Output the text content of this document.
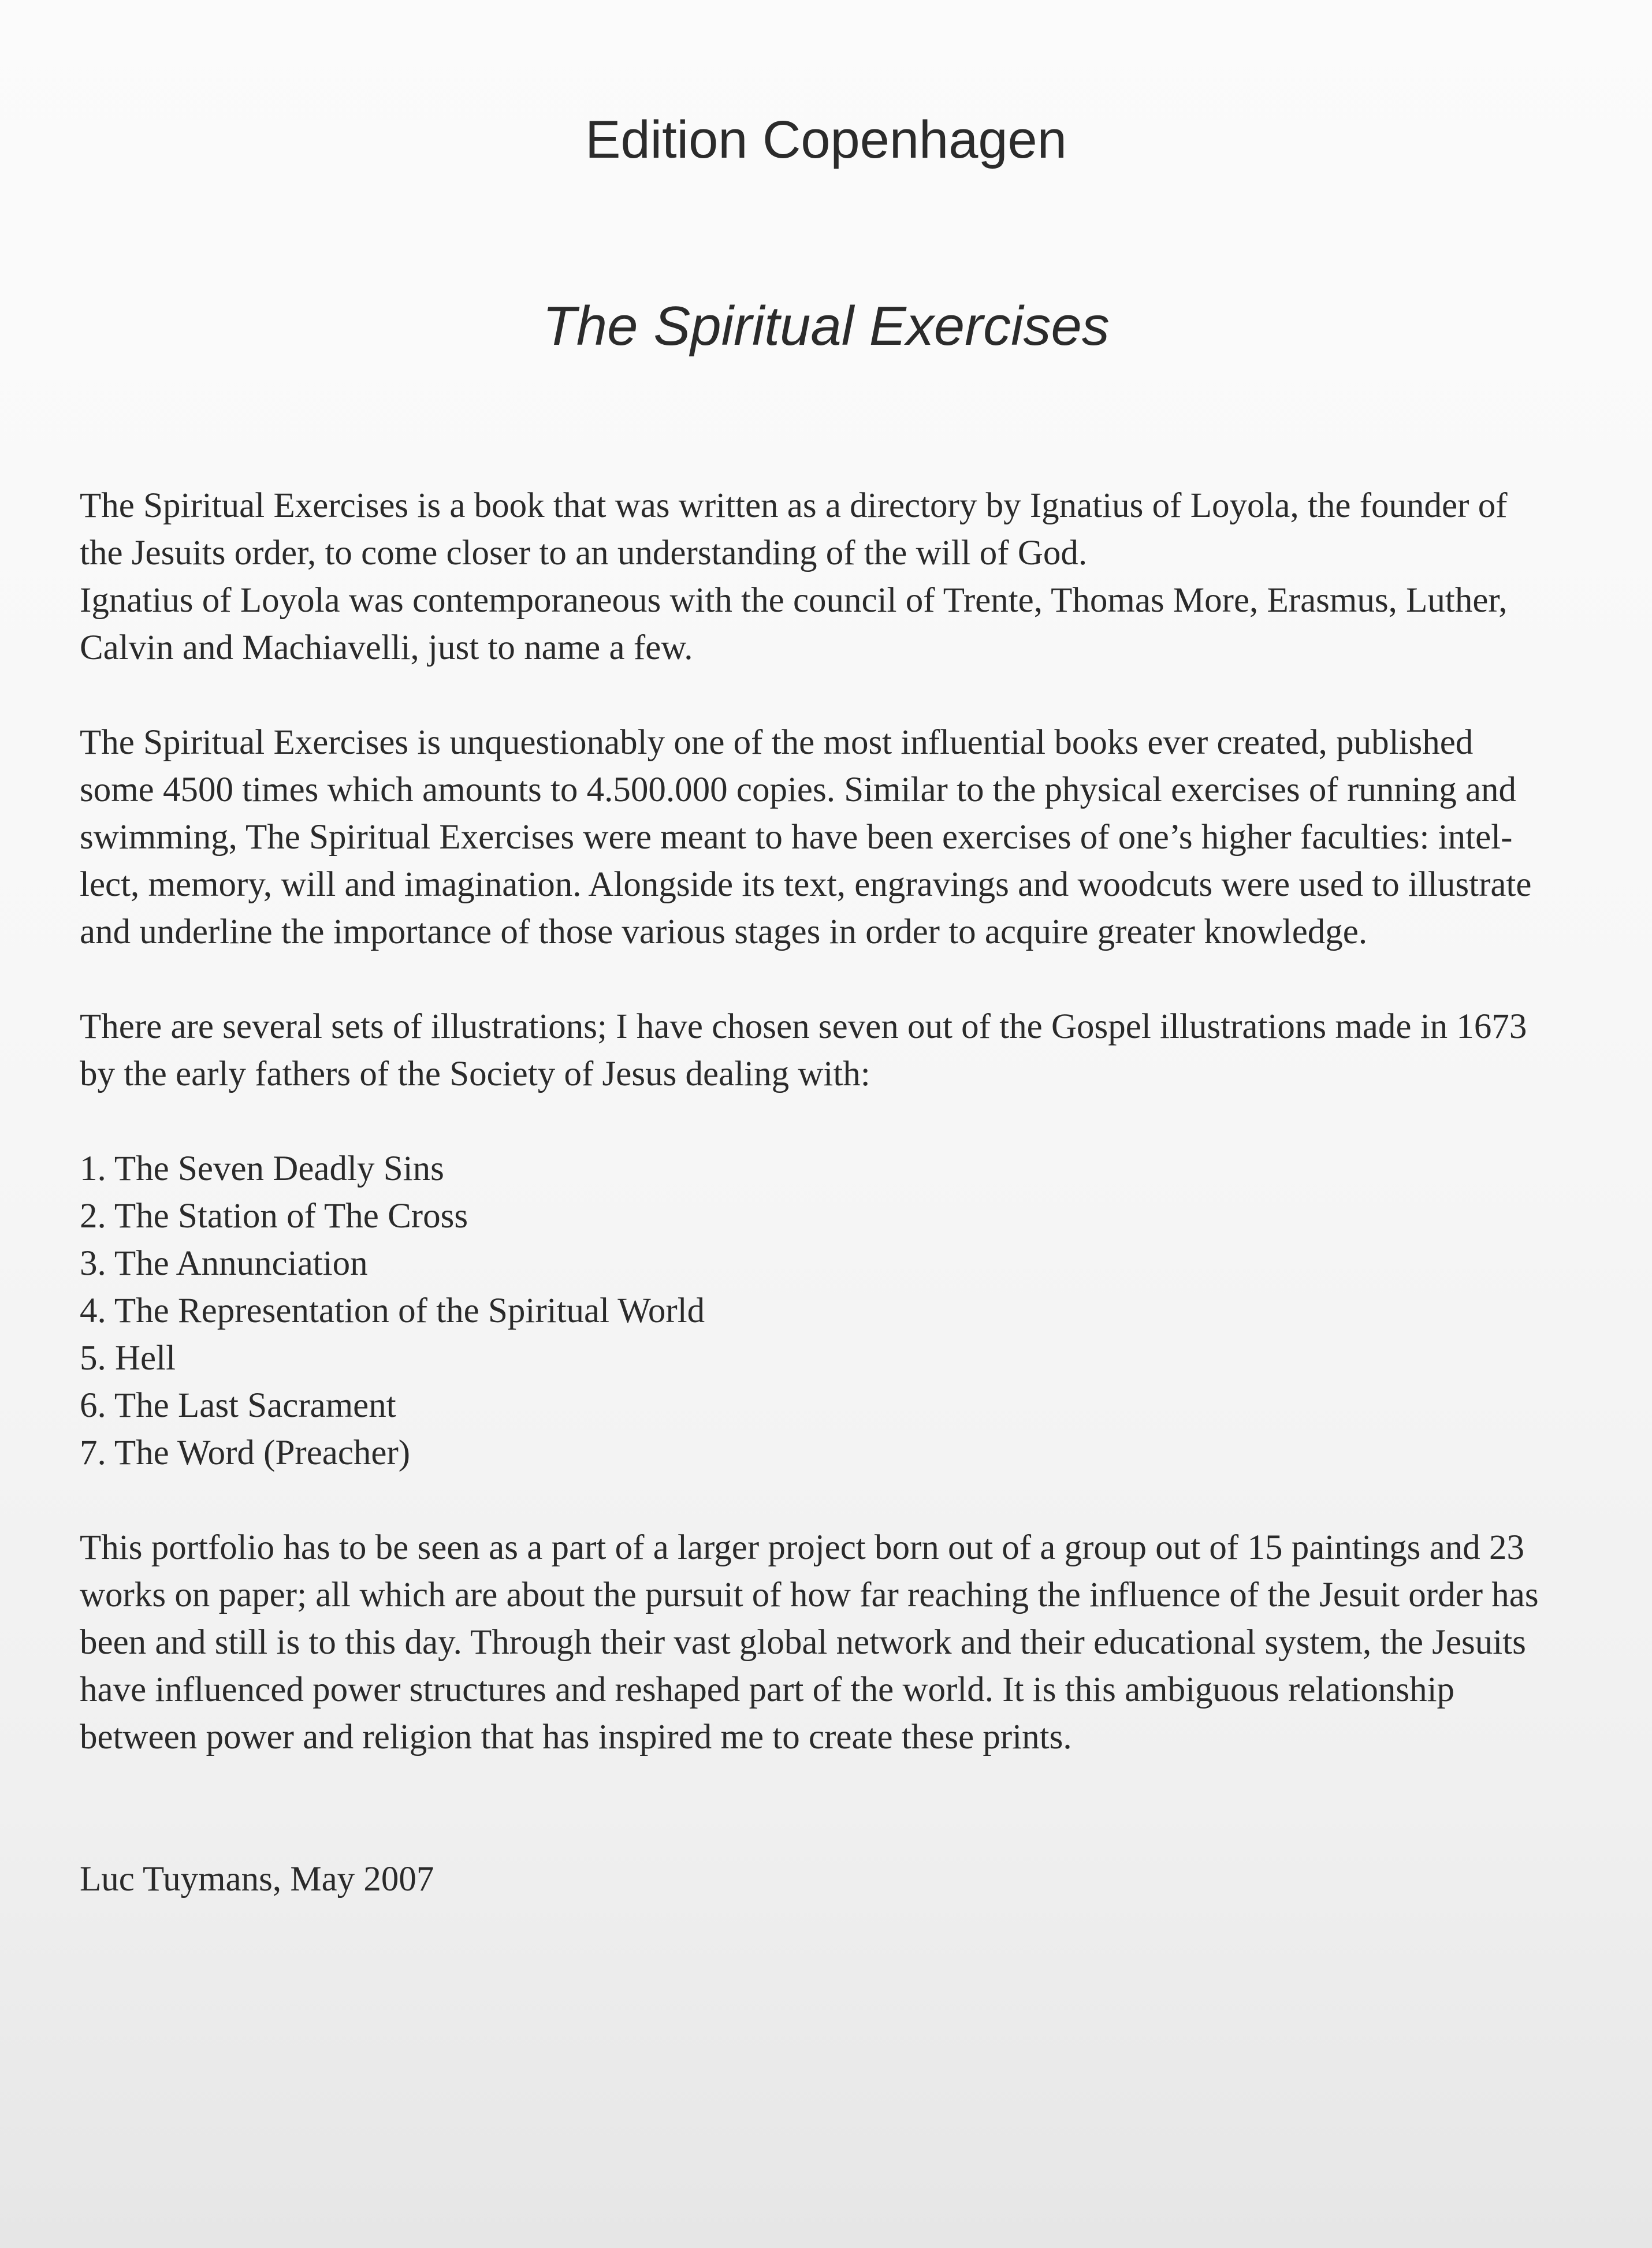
Edition Copenhagen
The Spiritual Exercises

The Spiritual Exercises is a book that was written as a directory by Ignatius of Loyola, the founder of
the Jesuits order, to come closer to an understanding of the will of God.
Ignatius of Loyola was contemporaneous with the council of Trente, Thomas More, Erasmus, Luther,
Calvin and Machiavelli, just to name a few.

The Spiritual Exercises is unquestionably one of the most influential books ever created, published
some 4500 times which amounts to 4.500.000 copies. Similar to the physical exercises of running and
swimming, The Spiritual Exercises were meant to have been exercises of one’s higher faculties: intel-
lect, memory, will and imagination. Alongside its text, engravings and woodcuts were used to illustrate
and underline the importance of those various stages in order to acquire greater knowledge.

There are several sets of illustrations; I have chosen seven out of the Gospel illustrations made in 1673
by the early fathers of the Society of Jesus dealing with:

1. The Seven Deadly Sins
2. The Station of The Cross
3. The Annunciation
4. The Representation of the Spiritual World
5. Hell
6. The Last Sacrament
7. The Word (Preacher)

This portfolio has to be seen as a part of a larger project born out of a group out of 15 paintings and 23
works on paper; all which are about the pursuit of how far reaching the influence of the Jesuit order has
been and still is to this day. Through their vast global network and their educational system, the Jesuits
have influenced power structures and reshaped part of the world. It is this ambiguous relationship
between power and religion that has inspired me to create these prints.

Luc Tuymans, May 2007
